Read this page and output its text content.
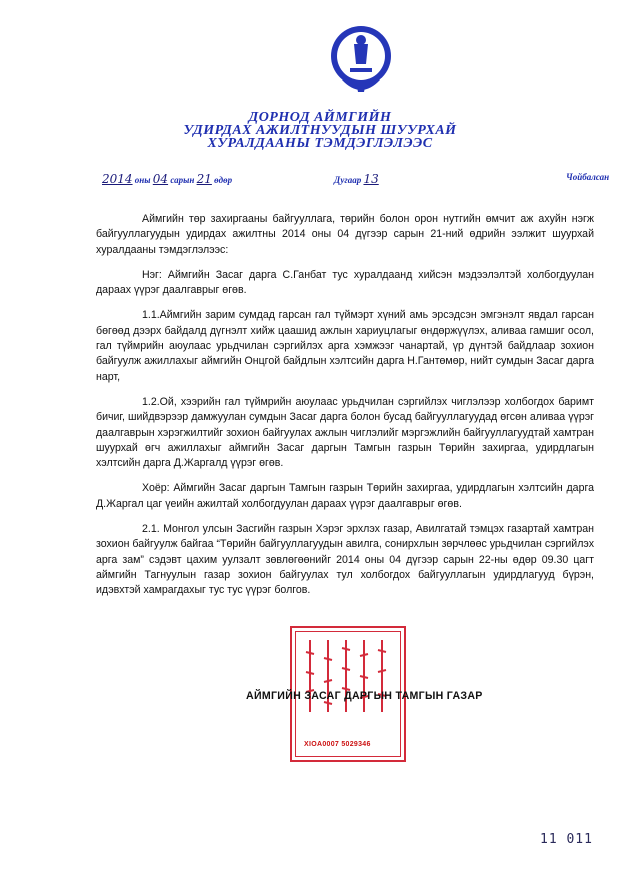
ДОРНОД АЙМГИЙН
УДИРДАХ АЖИЛТНУУДЫН ШУУРХАЙ
ХУРАЛДААНЫ ТЭМДЭГЛЭЛЭЭС
2014 оны 04 сарын 21 өдөр	Дугаар 13	Чойбалсан

Аймгийн төр захиргааны байгууллага, төрийн болон орон нутгийн өмчит аж ахуйн нэгж байгууллагуудын удирдах ажилтны 2014 оны 04 дүгээр сарын 21-ний өдрийн ээлжит шуурхай хуралдааны тэмдэглэлээс:

Нэг: Аймгийн Засаг дарга С.Ганбат тус хуралдаанд хийсэн мэдээлэлтэй холбогдуулан дараах үүрэг даалгаврыг өгөв.

1.1.Аймгийн зарим сумдад гарсан гал түймэрт хүний амь эрсэдсэн эмгэнэлт явдал гарсан бөгөөд дээрх байдалд дүгнэлт хийж цаашид ажлын хариуцлагыг өндөржүүлэх, аливаа гамшиг осол, гал түймрийн аюулаас урьдчилан сэргийлэх арга хэмжээг чанартай, үр дүнтэй байдлаар зохион байгуулж ажиллахыг аймгийн Онцгой байдлын хэлтсийн дарга Н.Гантөмөр, нийт сумдын Засаг дарга нарт,

1.2.Ой, хээрийн гал түймрийн аюулаас урьдчилан сэргийлэх чиглэлээр холбогдох баримт бичиг, шийдвэрээр дамжуулан сумдын Засаг дарга болон бусад байгууллагуудад өгсөн аливаа үүрэг даалгаврын хэрэгжилтийг зохион байгуулах ажлын чиглэлийг мэргэжлийн байгууллагуудтай хамтран шуурхай өгч ажиллахыг аймгийн Засаг даргын Тамгын газрын Төрийн захиргаа, удирдлагын хэлтсийн дарга Д.Жаргалд үүрэг өгөв.

Хоёр: Аймгийн Засаг даргын Тамгын газрын Төрийн захиргаа, удирдлагын хэлтсийн дарга Д.Жаргал цаг үеийн ажилтай холбогдуулан дараах үүрэг даалгаврыг өгөв.

2.1. Монгол улсын Засгийн газрын Хэрэг эрхлэх газар, Авилгатай тэмцэх газартай хамтран зохион байгуулж байгаа “Төрийн байгууллагуудын авилга, сонирхлын зөрчлөөс урьдчилан сэргийлэх арга зам” сэдэвт цахим уулзалт зөвлөгөөнийг 2014 оны 04 дүгээр сарын 22-ны өдөр 09.30 цагт аймгийн Тагнуулын газар зохион байгуулах тул холбогдох байгууллагын удирдлагууд бүрэн, идэвхтэй хамрагдахыг тус тус үүрэг болгов.

XIOA0007 5029346
АЙМГИЙН ЗАСАГ ДАРГЫН ТАМГЫН ГАЗАР
11 011
